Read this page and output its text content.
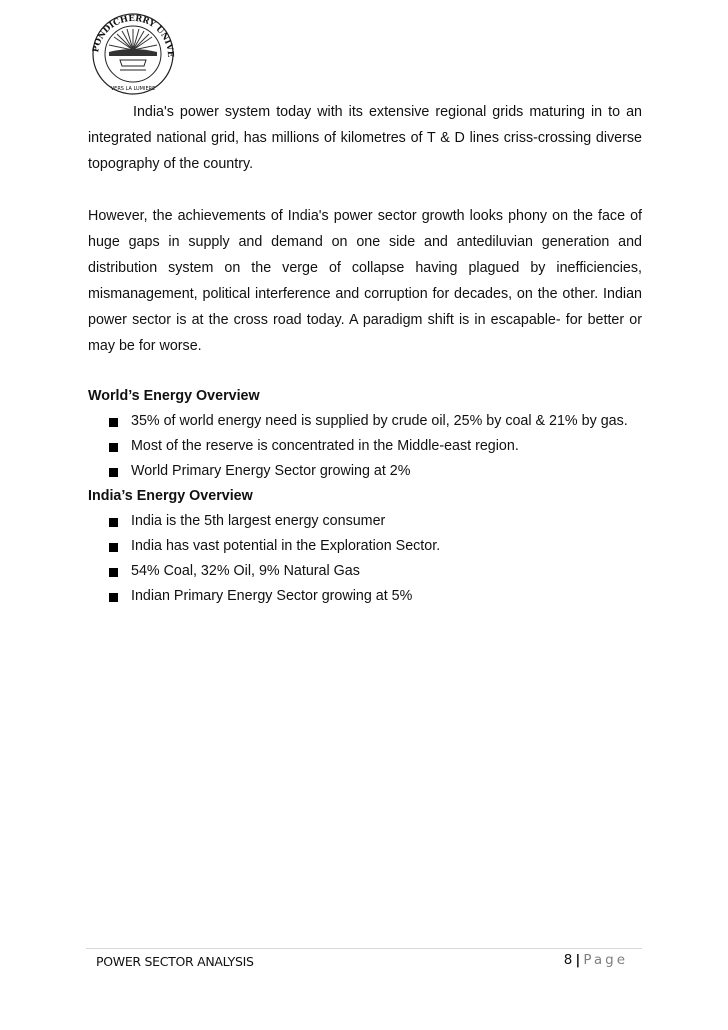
PONDICHERRY UNIVE
VERS LA LUMIERE

India's power system today with its extensive regional grids maturing in to an integrated national grid, has millions of kilometres of T & D lines criss-crossing diverse topography of the country.

However, the achievements of India's power sector growth looks phony on the face of huge gaps in supply and demand on one side and antediluvian generation and distribution system on the verge of collapse having plagued by inefficiencies, mismanagement, political interference and corruption for decades, on the other. Indian power sector is at the cross road today. A paradigm shift is in escapable- for better or may be for worse.

World’s Energy Overview
35% of world energy need is supplied by crude oil, 25% by coal & 21% by gas.
Most of the reserve is concentrated in the Middle-east region.
World Primary Energy Sector growing at 2%
India’s Energy Overview
India is the 5th largest energy consumer
India has vast potential in the Exploration Sector.
54% Coal, 32% Oil, 9% Natural Gas
Indian Primary Energy Sector growing at 5%
POWER SECTOR ANALYSIS	8 | Page
